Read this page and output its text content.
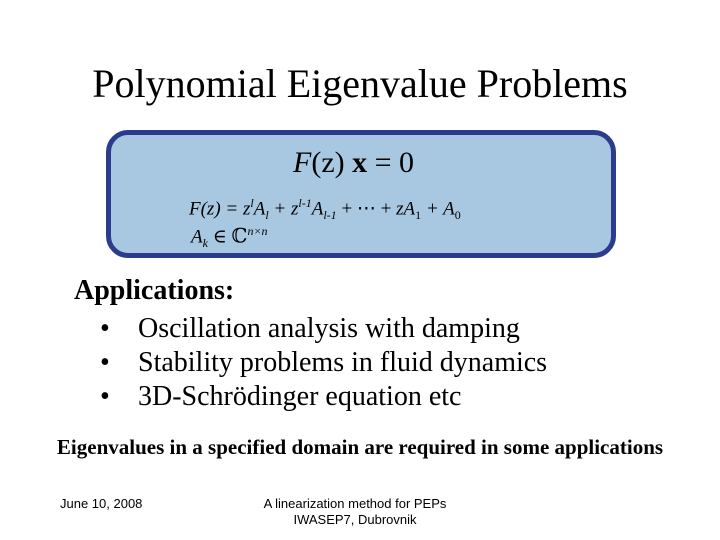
Polynomial Eigenvalue Problems
F(z) x = 0
$F(z) = z^lA_l + z^{l-1}A_{l-1}$ + ⋯ + $zA_1 + A_0$
$A_k$ ∈ ℂ$^{n\times n}$
Applications:
• Oscillation analysis with damping
• Stability problems in fluid dynamics
• 3D-Schrödinger equation etc
Eigenvalues in a specified domain are required in some applications
June 10, 2008	A linearization method for PEPs
IWASEP7, Dubrovnik
